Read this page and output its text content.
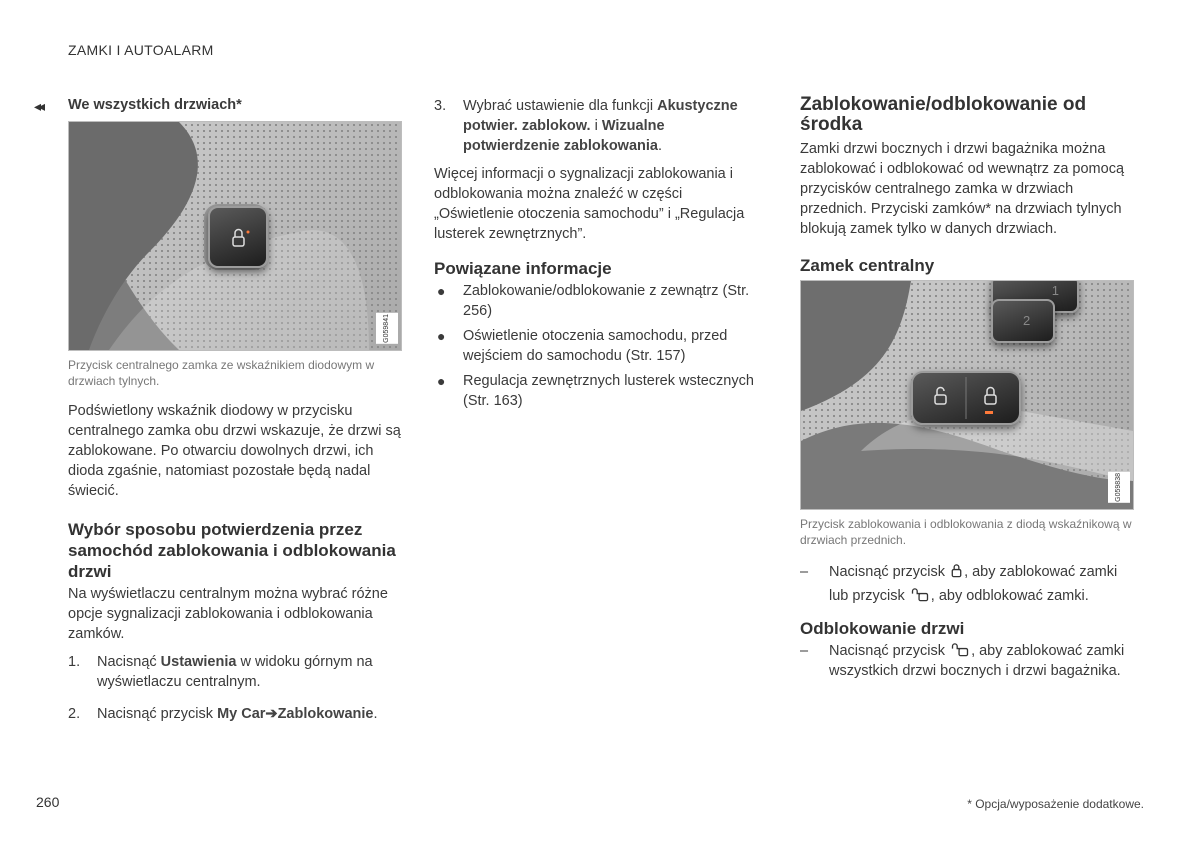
ZAMKI I AUTOALARM
◂◂ We wszystkich drzwiach*
G059841

Przycisk centralnego zamka ze wskaźnikiem diodowym w drzwiach tylnych.

Podświetlony wskaźnik diodowy w przycisku centralnego zamka obu drzwi wskazuje, że drzwi są zablokowane. Po otwarciu dowolnych drzwi, ich dioda zgaśnie, natomiast pozostałe będą nadal świecić.

Wybór sposobu potwierdzenia przez samochód zablokowania i odblokowania drzwi

Na wyświetlaczu centralnym można wybrać różne opcje sygnalizacji zablokowania i odblokowania zamków.

1. Nacisnąć Ustawienia w widoku górnym na wyświetlaczu centralnym.
2. Nacisnąć przycisk My Car➔Zablokowanie.
3. Wybrać ustawienie dla funkcji Akustyczne potwier. zablokow. i Wizualne potwierdzenie zablokowania.

Więcej informacji o sygnalizacji zablokowania i odblokowania można znaleźć w części „Oświetlenie otoczenia samochodu” i „Regulacja lusterek zewnętrznych”.

Powiązane informacje
● Zablokowanie/odblokowanie z zewnątrz (Str. 256)
● Oświetlenie otoczenia samochodu, przed wejściem do samochodu (Str. 157)
● Regulacja zewnętrznych lusterek wstecznych (Str. 163)
Zablokowanie/odblokowanie od środka

Zamki drzwi bocznych i drzwi bagażnika można zablokować i odblokować od wewnątrz za pomocą przycisków centralnego zamka w drzwiach przednich. Przyciski zamków* na drzwiach tylnych blokują zamek tylko w danych drzwiach.

Zamek centralny
1
2
G059838

Przycisk zablokowania i odblokowania z diodą wskaźnikową w drzwiach przednich.

– Nacisnąć przycisk , aby zablokować zamki lub przycisk , aby odblokować zamki.
Odblokowanie drzwi
– Nacisnąć przycisk , aby zablokować zamki wszystkich drzwi bocznych i drzwi bagażnika.
260	* Opcja/wyposażenie dodatkowe.
